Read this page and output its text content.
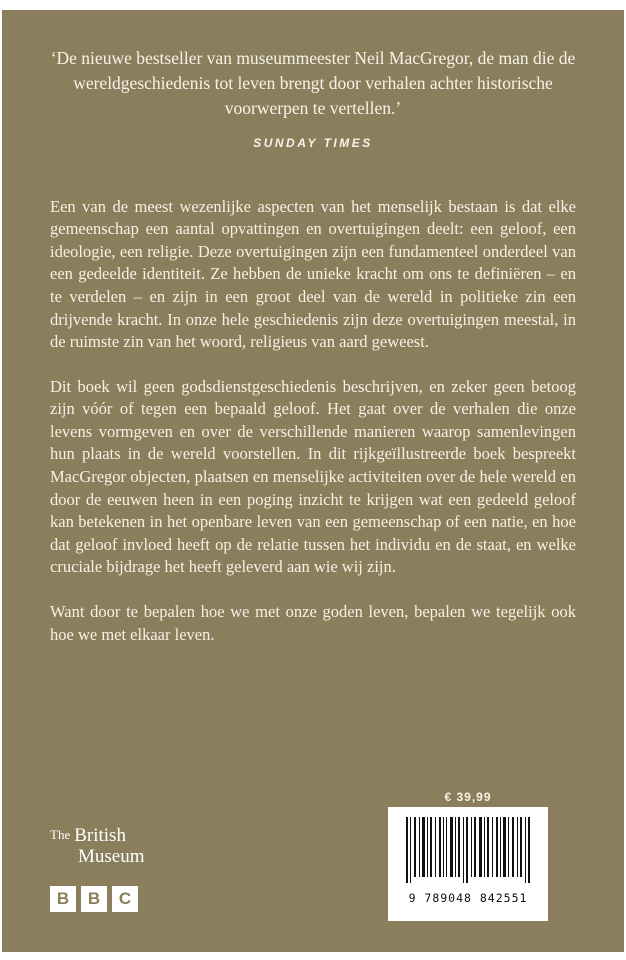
‘De nieuwe bestseller van museummeester Neil MacGregor, de man die de wereldgeschiedenis tot leven brengt door verhalen achter historische voorwerpen te vertellen.’
SUNDAY TIMES

Een van de meest wezenlijke aspecten van het menselijk bestaan is dat elke gemeenschap een aantal opvattingen en overtuigingen deelt: een geloof, een ideologie, een religie. Deze overtuigingen zijn een fundamenteel onderdeel van een gedeelde identiteit. Ze hebben de unieke kracht om ons te definiëren – en te verdelen – en zijn in een groot deel van de wereld in politieke zin een drijvende kracht. In onze hele geschiedenis zijn deze overtuigingen meestal, in de ruimste zin van het woord, religieus van aard geweest.

Dit boek wil geen godsdienstgeschiedenis beschrijven, en zeker geen betoog zijn vóór of tegen een bepaald geloof. Het gaat over de verhalen die onze levens vormgeven en over de verschillende manieren waarop samenlevingen hun plaats in de wereld voorstellen. In dit rijkgeïllustreerde boek bespreekt MacGregor objecten, plaatsen en menselijke activiteiten over de hele wereld en door de eeuwen heen in een poging inzicht te krijgen wat een gedeeld geloof kan betekenen in het openbare leven van een gemeenschap of een natie, en hoe dat geloof invloed heeft op de relatie tussen het individu en de staat, en welke cruciale bijdrage het heeft geleverd aan wie wij zijn.

Want door te bepalen hoe we met onze goden leven, bepalen we tegelijk ook hoe we met elkaar leven.

€ 39,99
9 789048 842551
The British
Museum
B	B	C
